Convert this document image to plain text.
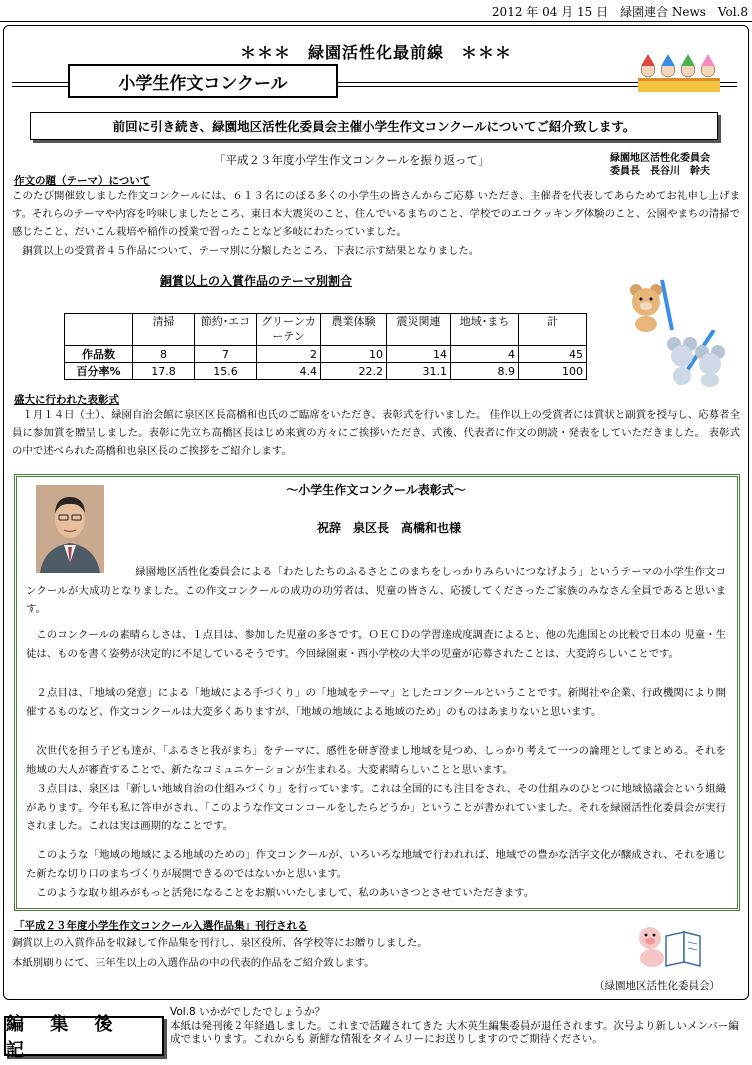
2012 年 04 月 15 日　緑園連合 News　Vol.8
＊＊＊　緑園活性化最前線　＊＊＊
小学生作文コンクール
前回に引き続き、緑園地区活性化委員会主催小学生作文コンクールについてご紹介致します。
「平成２３年度小学生作文コンクールを振り返って」	緑園地区活性化委員会
委員長　長谷川　幹夫
作文の題（テーマ）について
このたび開催致しました作文コンクールには、６１３名にのぼる多くの小学生の皆さんからご応募 いただき、主催者を代表してあらためてお礼申し上げます。それらのテーマや内容を吟味しましたところ、東日本大震災のこと、住んでいるまちのこと、学校でのエコクッキング体験のこと、公園やまちの清掃で感じたこと、だいこん栽培や稲作の授業で習ったことなど多岐にわたっていました。
銅賞以上の受賞者４５作品について、テーマ別に分類したところ、下表に示す結果となりました。
銅賞以上の入賞作品のテーマ別割合
	清掃	節約･エコ	グリーンカーテン	農業体験	震災関連	地域･まち	計
作品数	8	7	2	10	14	4	45
百分率%	17.8	15.6	4.4	22.2	31.1	8.9	100
盛大に行われた表彰式
１月１４日（土）、緑園自治会館に泉区区長高橋和也氏のご臨席をいただき、表彰式を行いました。 佳作以上の受賞者には賞状と副賞を授与し、応募者全員に参加賞を贈呈しました。表彰に先立ち高橋区長はじめ来賓の方々にご挨拶いただき、式後、代表者に作文の朗読・発表をしていただきました。 表彰式の中で述べられた高橋和也泉区長のご挨拶をご紹介します。
～小学生作文コンクール表彰式～
祝辞　泉区長　高橋和也様
緑園地区活性化委員会による「わたしたちのふるさとこのまちをしっかりみらいにつなげよう」というテーマの小学生作文コンクールが大成功となりました。この作文コンクールの成功の功労者は、児童の皆さん、応援してくださったご家族のみなさん全員であると思います。
このコンクールの素晴らしさは、１点目は、参加した児童の多さです。ＯＥＣＤの学習達成度調査によると、他の先進国との比較で日本の 児童・生徒は、ものを書く姿勢が決定的に不足しているそうです。今回緑園東・西小学校の大半の児童が応募されたことは、大変誇らしいことです。
２点目は、「地域の発意」による「地域による手づくり」の「地域をテーマ」としたコンクールということです。新聞社や企業、行政機関により開催するものなど、作文コンクールは大変多くありますが、｢地域の地域による地域のため」のものはあまりないと思います。
次世代を担う子ども達が､「ふるさと我がまち」をテーマに、感性を研ぎ澄まし地域を見つめ、しっかり考えて一つの論理としてまとめる。それを地域の大人が審査することで、新たなコミュニケーションが生まれる。大変素晴らしいことと思います。
３点目は、泉区は「新しい地域自治の仕組みづくり」を行っています。これは全国的にも注目をされ、その仕組みのひとつに地域協議会という組織があります。今年も私に答申がされ、｢このような作文コンコールをしたらどうか」ということが書かれていました。それを緑園活性化委員会が実行されました。これは実は画期的なことです。
このような「地域の地域による地域のための」作文コンクールが、いろいろな地域で行われれば、地域での豊かな活字文化が醸成され、それを通じた新たな切り口のまちづくりが展開できるのではないかと思います。
このような取り組みがもっと活発になることをお願いいたしまして、私のあいさつとさせていただきます。
「平成２３年度小学生作文コンクール入選作品集」刊行される
銅賞以上の入賞作品を収録して作品集を刊行し、泉区役所、各学校等にお贈りしました。
本紙別刷りにて、三年生以上の入選作品の中の代表的作品をご紹介致します。
（緑園地区活性化委員会）
編 集 後 記
Vol.8 いかがでしたでしょうか？
本紙は発刊後２年経過しました。これまで活躍されてきた 大木英生編集委員が退任されます。次号より新しいメンバー編成でまいります。これからも 新鮮な情報をタイムリーにお送りしますのでご期待ください。
